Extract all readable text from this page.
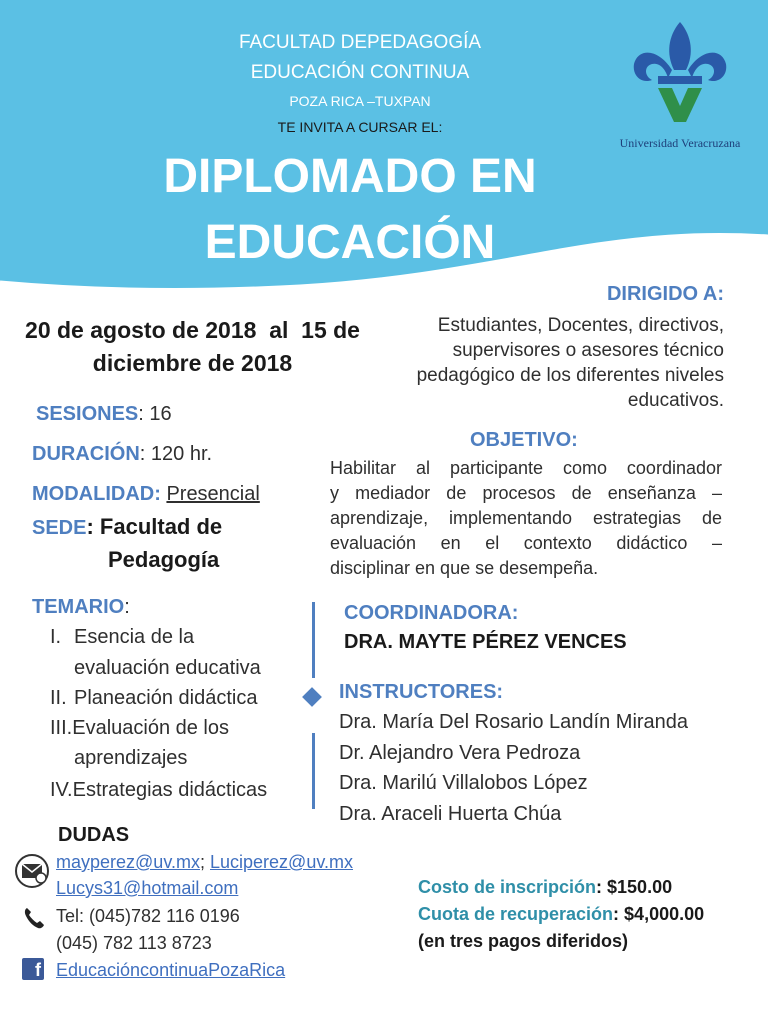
FACULTAD DEPEDAGOGÍA
EDUCACIÓN CONTINUA
POZA RICA –TUXPAN
TE INVITA A CURSAR EL:
DIPLOMADO EN
EDUCACIÓN
Universidad Veracruzana
20 de agosto de 2018  al  15 de
diciembre de 2018
DIRIGIDO A:
Estudiantes, Docentes, directivos,
supervisores o asesores técnico
pedagógico de los diferentes niveles
educativos.
SESIONES: 16
DURACIÓN: 120 hr.
MODALIDAD: Presencial
SEDE: Facultad de
Pedagogía
OBJETIVO:
Habilitar al participante como coordinador
y mediador de procesos de enseñanza –
aprendizaje, implementando estrategias de
evaluación en el contexto didáctico –
disciplinar en que se desempeña.
TEMARIO:
I. Esencia de la
evaluación educativa
II. Planeación didáctica
III.Evaluación de los
aprendizajes
IV.Estrategias didácticas
COORDINADORA:
DRA. MAYTE PÉREZ VENCES
INSTRUCTORES:
Dra. María Del Rosario Landín Miranda
Dr. Alejandro Vera Pedroza
Dra. Marilú Villalobos López
Dra. Araceli Huerta Chúa
DUDAS
mayperez@uv.mx; Luciperez@uv.mx
Lucys31@hotmail.com
Tel: (045)782 116 0196
(045) 782 113 8723
f EducacióncontinuaPozaRica
Costo de inscripción: $150.00
Cuota de recuperación: $4,000.00
(en tres pagos diferidos)
